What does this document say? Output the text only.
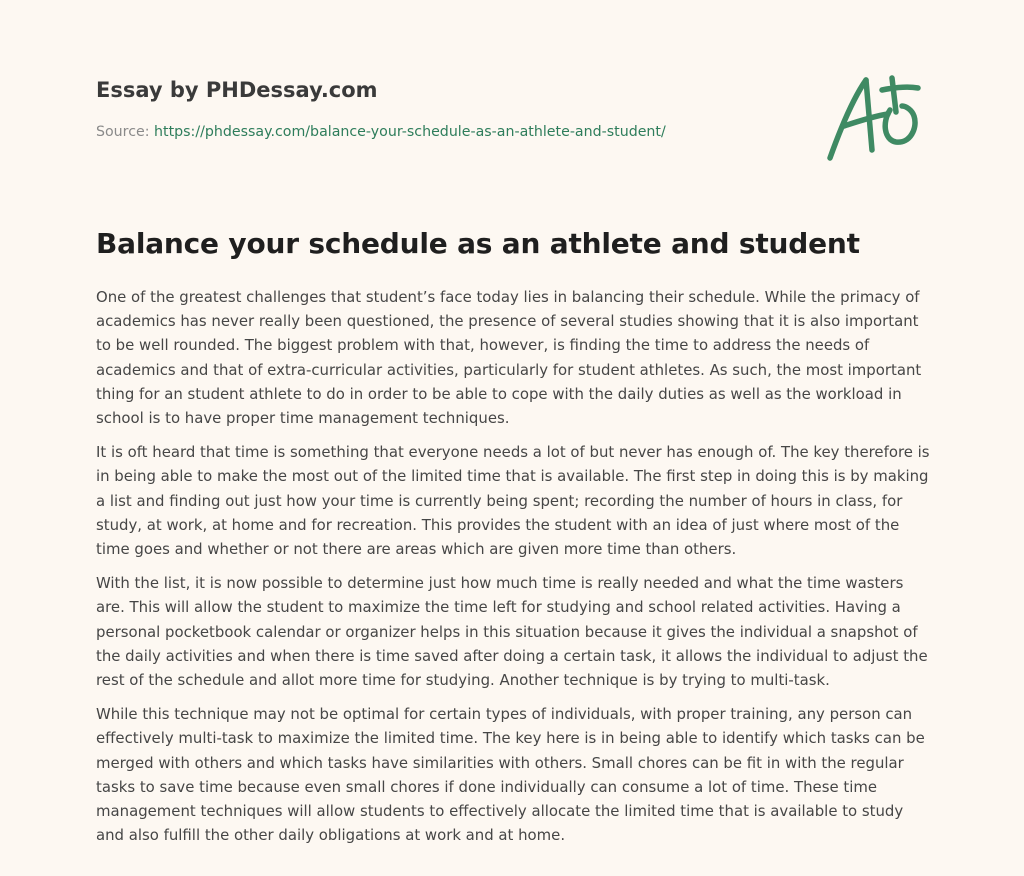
Essay by PHDessay.com

Source: https://phdessay.com/balance-your-schedule-as-an-athlete-and-student/

Balance your schedule as an athlete and student

One of the greatest challenges that student’s face today lies in balancing their schedule. While the primacy of academics has never really been questioned, the presence of several studies showing that it is also important to be well rounded. The biggest problem with that, however, is finding the time to address the needs of academics and that of extra-curricular activities, particularly for student athletes. As such, the most important thing for an student athlete to do in order to be able to cope with the daily duties as well as the workload in school is to have proper time management techniques.

It is oft heard that time is something that everyone needs a lot of but never has enough of. The key therefore is in being able to make the most out of the limited time that is available. The first step in doing this is by making a list and finding out just how your time is currently being spent; recording the number of hours in class, for study, at work, at home and for recreation. This provides the student with an idea of just where most of the time goes and whether or not there are areas which are given more time than others.

With the list, it is now possible to determine just how much time is really needed and what the time wasters are. This will allow the student to maximize the time left for studying and school related activities. Having a personal pocketbook calendar or organizer helps in this situation because it gives the individual a snapshot of the daily activities and when there is time saved after doing a certain task, it allows the individual to adjust the rest of the schedule and allot more time for studying. Another technique is by trying to multi-task.

While this technique may not be optimal for certain types of individuals, with proper training, any person can effectively multi-task to maximize the limited time. The key here is in being able to identify which tasks can be merged with others and which tasks have similarities with others. Small chores can be fit in with the regular tasks to save time because even small chores if done individually can consume a lot of time. These time management techniques will allow students to effectively allocate the limited time that is available to study and also fulfill the other daily obligations at work and at home.
